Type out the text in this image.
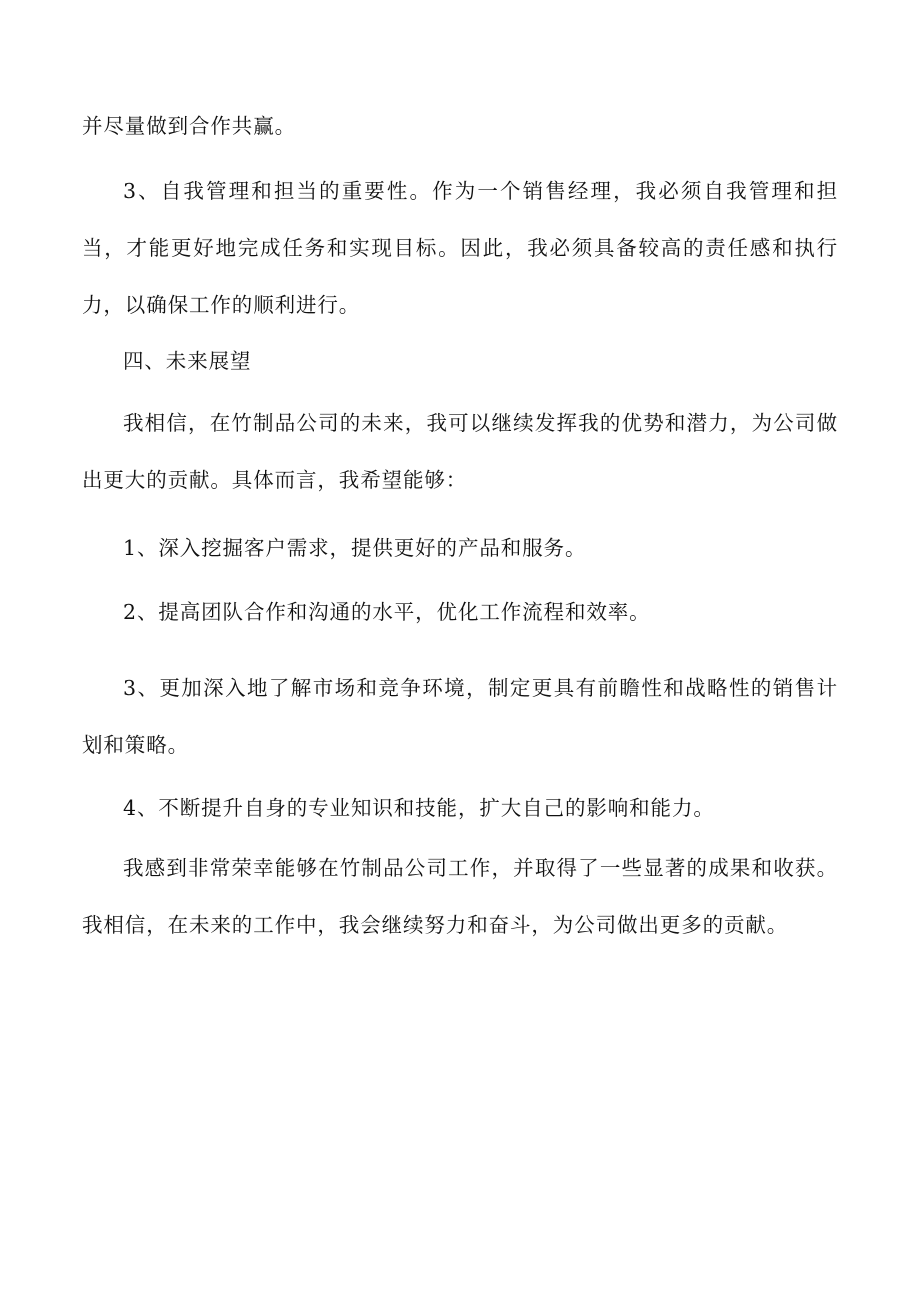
并尽量做到合作共赢。

3、自我管理和担当的重要性。作为一个销售经理，我必须自我管理和担当，才能更好地完成任务和实现目标。因此，我必须具备较高的责任感和执行力，以确保工作的顺利进行。

四、未来展望

我相信，在竹制品公司的未来，我可以继续发挥我的优势和潜力，为公司做出更大的贡献。具体而言，我希望能够：

1、深入挖掘客户需求，提供更好的产品和服务。

2、提高团队合作和沟通的水平，优化工作流程和效率。

3、更加深入地了解市场和竞争环境，制定更具有前瞻性和战略性的销售计划和策略。

4、不断提升自身的专业知识和技能，扩大自己的影响和能力。

我感到非常荣幸能够在竹制品公司工作，并取得了一些显著的成果和收获。我相信，在未来的工作中，我会继续努力和奋斗，为公司做出更多的贡献。
